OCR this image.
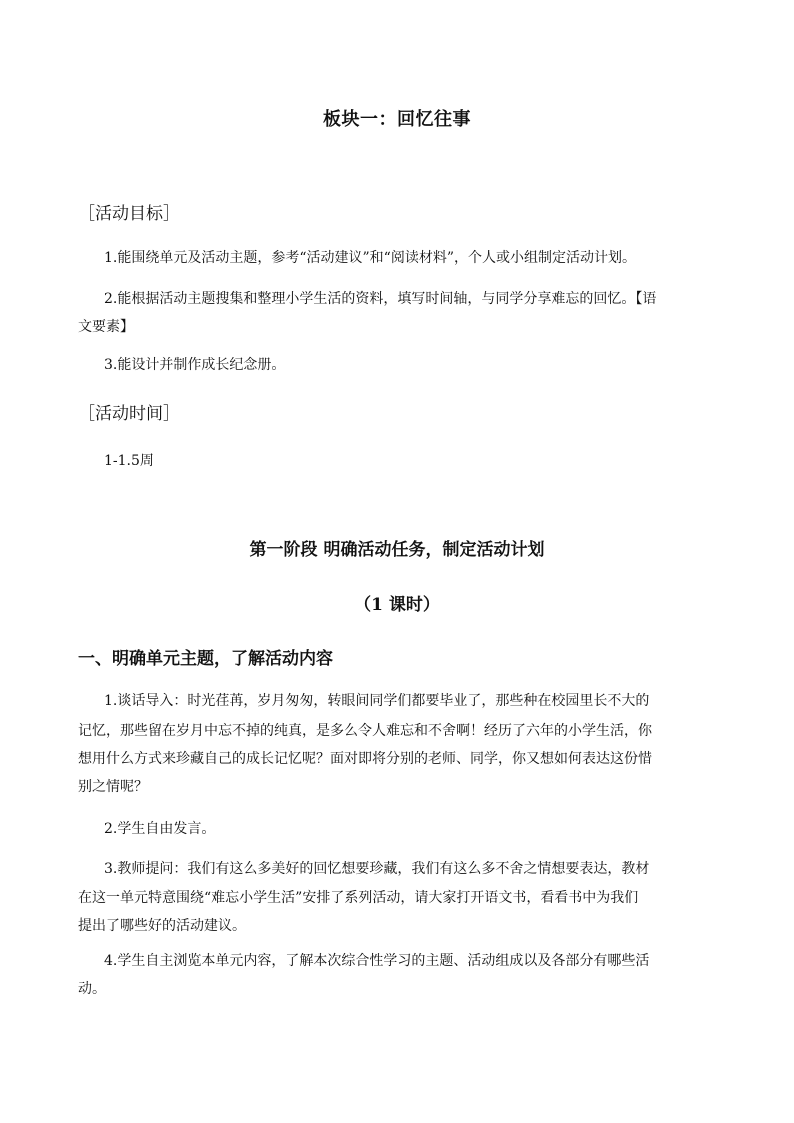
板块一：回忆往事
［活动目标］
1.能围绕单元及活动主题，参考“活动建议”和“阅读材料”，个人或小组制定活动计划。
2.能根据活动主题搜集和整理小学生活的资料，填写时间轴，与同学分享难忘的回忆。【语
文要素】
3.能设计并制作成长纪念册。
［活动时间］
1-1.5周
第一阶段 明确活动任务，制定活动计划
（1 课时）
一、明确单元主题，了解活动内容
1.谈话导入：时光荏苒，岁月匆匆，转眼间同学们都要毕业了，那些种在校园里长不大的
记忆，那些留在岁月中忘不掉的纯真，是多么令人难忘和不舍啊！经历了六年的小学生活，你
想用什么方式来珍藏自己的成长记忆呢？面对即将分别的老师、同学，你又想如何表达这份惜
别之情呢？
2.学生自由发言。
3.教师提问：我们有这么多美好的回忆想要珍藏，我们有这么多不舍之情想要表达，教材
在这一单元特意围绕“难忘小学生活”安排了系列活动，请大家打开语文书，看看书中为我们
提出了哪些好的活动建议。
4.学生自主浏览本单元内容，了解本次综合性学习的主题、活动组成以及各部分有哪些活
动。
